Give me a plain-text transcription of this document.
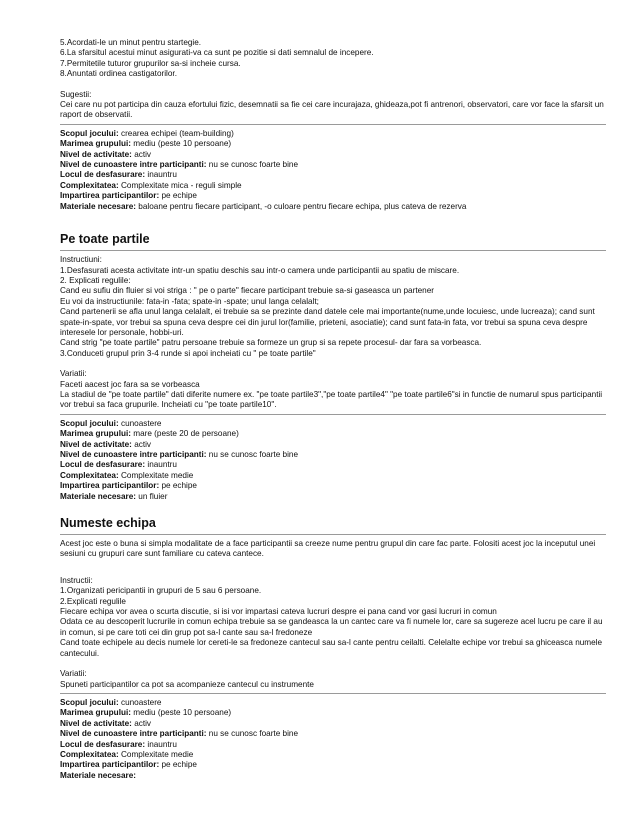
5.Acordati-le un minut pentru startegie.
6.La sfarsitul acestui minut asigurati-va ca sunt pe pozitie si dati semnalul de incepere.
7.Permitetile tuturor grupurilor sa-si incheie cursa.
8.Anuntati ordinea castigatorilor.
Sugestii:
Cei care nu pot participa din cauza efortului fizic, desemnatii sa fie cei care incurajaza, ghideaza,pot fi antrenori, observatori, care vor face la sfarsit un raport de observatii.
Scopul jocului: crearea echipei (team-building)
Marimea grupului: mediu (peste 10 persoane)
Nivel de activitate: activ
Nivel de cunoastere intre participanti: nu se cunosc foarte bine
Locul de desfasurare: inauntru
Complexitatea: Complexitate mica - reguli simple
Impartirea participantilor: pe echipe
Materiale necesare: baloane pentru fiecare participant, -o culoare pentru fiecare echipa, plus cateva de rezerva
Pe toate partile
Instructiuni:
1.Desfasurati acesta activitate intr-un spatiu deschis sau intr-o camera unde participantii au spatiu de miscare.
2. Explicati regulile:
Cand eu sufiu din fluier si voi striga : " pe o parte" fiecare participant trebuie sa-si gaseasca un partener
Eu voi da instructiunile: fata-in -fata; spate-in -spate; unul langa celalalt;
Cand partenerii se afla unul langa celalalt, ei trebuie sa se prezinte dand datele cele mai importante(nume,unde locuiesc, unde lucreaza); cand sunt spate-in-spate, vor trebui sa spuna ceva despre cei din jurul lor(familie, prieteni, asociatie); cand sunt fata-in fata, vor trebui sa spuna ceva despre interesele lor personale, hobbi-uri.
Cand strig "pe toate partile" patru persoane trebuie sa formeze un grup si sa repete procesul- dar fara sa vorbeasca.
3.Conduceti grupul prin 3-4 runde si apoi incheiati cu " pe toate partile"
Variatii:
Faceti aacest joc fara sa se vorbeasca
La stadiul de "pe toate partile" dati diferite numere ex. "pe toate partile3","pe toate partile4" "pe toate partile6"si in functie de numarul spus participantii vor trebui sa faca grupurile. Incheiati cu "pe toate partile10".
Scopul jocului: cunoastere
Marimea grupului: mare (peste 20 de persoane)
Nivel de activitate: activ
Nivel de cunoastere intre participanti: nu se cunosc foarte bine
Locul de desfasurare: inauntru
Complexitatea: Complexitate medie
Impartirea participantilor: pe echipe
Materiale necesare: un fluier
Numeste echipa
Acest joc este o buna si simpla modalitate de a face participantii sa creeze nume pentru grupul din care fac parte. Folositi acest joc la inceputul unei sesiuni cu grupuri care sunt familiare cu cateva cantece.
Instructii:
1.Organizati pericipantii in grupuri de 5 sau 6 persoane.
2.Explicati regulile
Fiecare echipa vor avea o scurta discutie, si isi vor impartasi cateva lucruri despre ei pana cand vor gasi lucruri in comun
Odata ce au descoperit lucrurile in comun echipa trebuie sa se gandeasca la un cantec care va fi numele lor, care sa sugereze acel lucru pe care il au in comun, si pe care toti cei din grup pot sa-l cante sau sa-l fredoneze
Cand toate echipele au decis numele lor cereti-le sa fredoneze cantecul sau sa-l cante pentru ceilalti. Celelalte echipe vor trebui sa ghiceasca numele cantecului.
Variatii:
Spuneti participantilor ca pot sa acompanieze cantecul cu instrumente
Scopul jocului: cunoastere
Marimea grupului: mediu (peste 10 persoane)
Nivel de activitate: activ
Nivel de cunoastere intre participanti: nu se cunosc foarte bine
Locul de desfasurare: inauntru
Complexitatea: Complexitate medie
Impartirea participantilor: pe echipe
Materiale necesare:
